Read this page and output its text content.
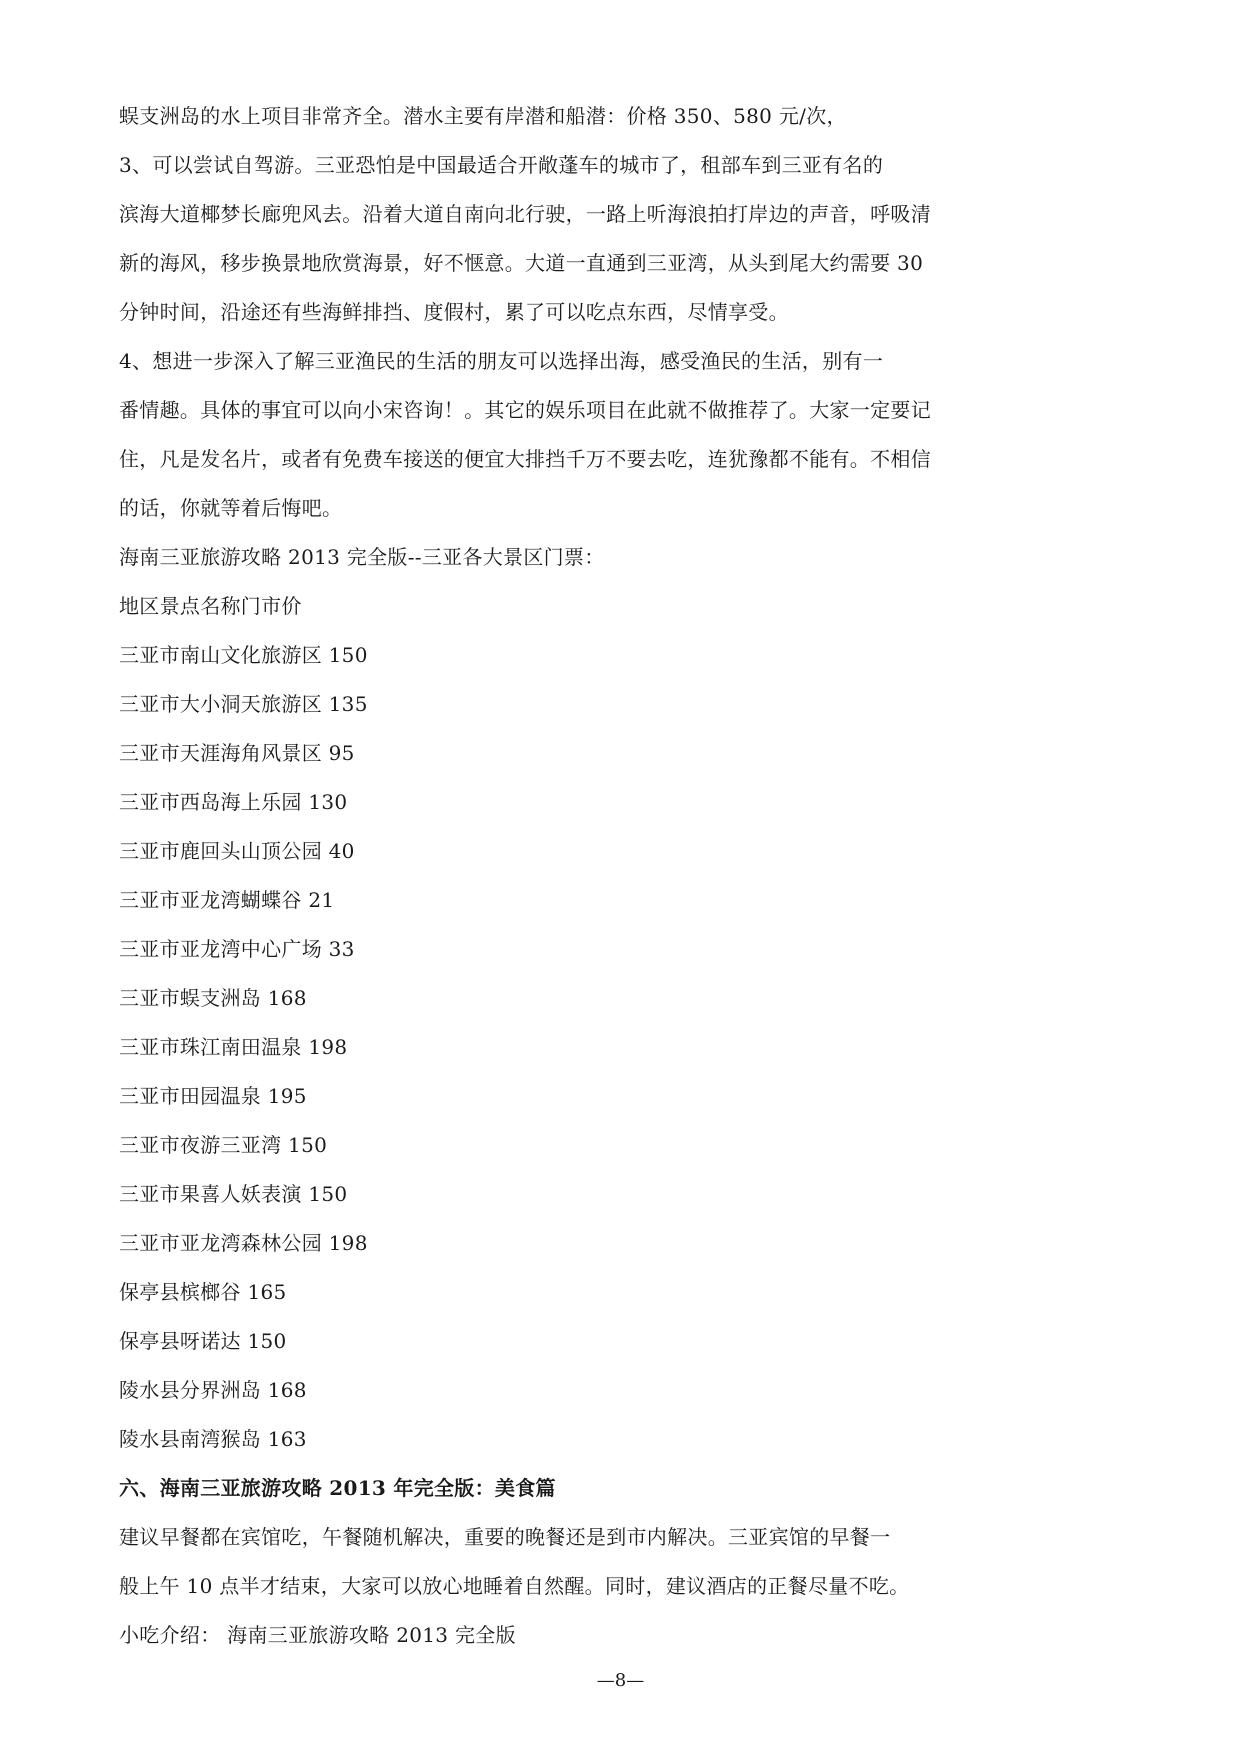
蜈支洲岛的水上项目非常齐全。潜水主要有岸潜和船潜：价格 350、580 元/次，
3、可以尝试自驾游。三亚恐怕是中国最适合开敞蓬车的城市了，租部车到三亚有名的
滨海大道椰梦长廊兜风去。沿着大道自南向北行驶，一路上听海浪拍打岸边的声音，呼吸清
新的海风，移步换景地欣赏海景，好不惬意。大道一直通到三亚湾，从头到尾大约需要 30
分钟时间，沿途还有些海鲜排挡、度假村，累了可以吃点东西，尽情享受。
4、想进一步深入了解三亚渔民的生活的朋友可以选择出海，感受渔民的生活，别有一
番情趣。具体的事宜可以向小宋咨询！。其它的娱乐项目在此就不做推荐了。大家一定要记
住，凡是发名片，或者有免费车接送的便宜大排挡千万不要去吃，连犹豫都不能有。不相信
的话，你就等着后悔吧。
海南三亚旅游攻略 2013 完全版--三亚各大景区门票：
地区景点名称门市价
三亚市南山文化旅游区 150
三亚市大小洞天旅游区 135
三亚市天涯海角风景区 95
三亚市西岛海上乐园 130
三亚市鹿回头山顶公园 40
三亚市亚龙湾蝴蝶谷 21
三亚市亚龙湾中心广场 33
三亚市蜈支洲岛 168
三亚市珠江南田温泉 198
三亚市田园温泉 195
三亚市夜游三亚湾 150
三亚市果喜人妖表演 150
三亚市亚龙湾森林公园 198
保亭县槟榔谷 165
保亭县呀诺达 150
陵水县分界洲岛 168
陵水县南湾猴岛 163
六、海南三亚旅游攻略 2013 年完全版：美食篇
建议早餐都在宾馆吃，午餐随机解决，重要的晚餐还是到市内解决。三亚宾馆的早餐一
般上午 10 点半才结束，大家可以放心地睡着自然醒。同时，建议酒店的正餐尽量不吃。
小吃介绍： 海南三亚旅游攻略 2013 完全版
—8—
